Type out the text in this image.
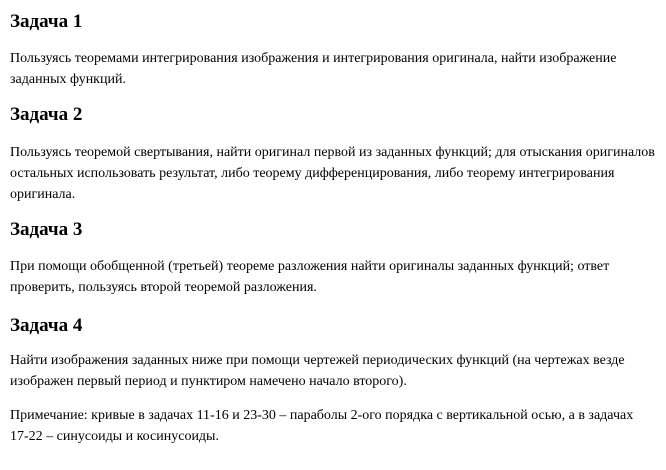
Задача 1

Пользуясь теоремами интегрирования изображения и интегрирования оригинала, найти изображение заданных функций.

Задача 2

Пользуясь теоремой свертывания, найти оригинал первой из заданных функций; для отыскания оригиналов остальных использовать результат, либо теорему дифференцирования, либо теорему интегрирования оригинала.

Задача 3

При помощи обобщенной (третьей) теореме разложения найти оригиналы заданных функций; ответ проверить, пользуясь второй теоремой разложения.

Задача 4

Найти изображения заданных ниже при помощи чертежей периодических функций (на чертежах везде изображен первый период и пунктиром намечено начало второго).

Примечание: кривые в задачах 11-16 и 23-30 – параболы 2-ого порядка с вертикальной осью, а в задачах 17-22 – синусоиды и косинусоиды.
